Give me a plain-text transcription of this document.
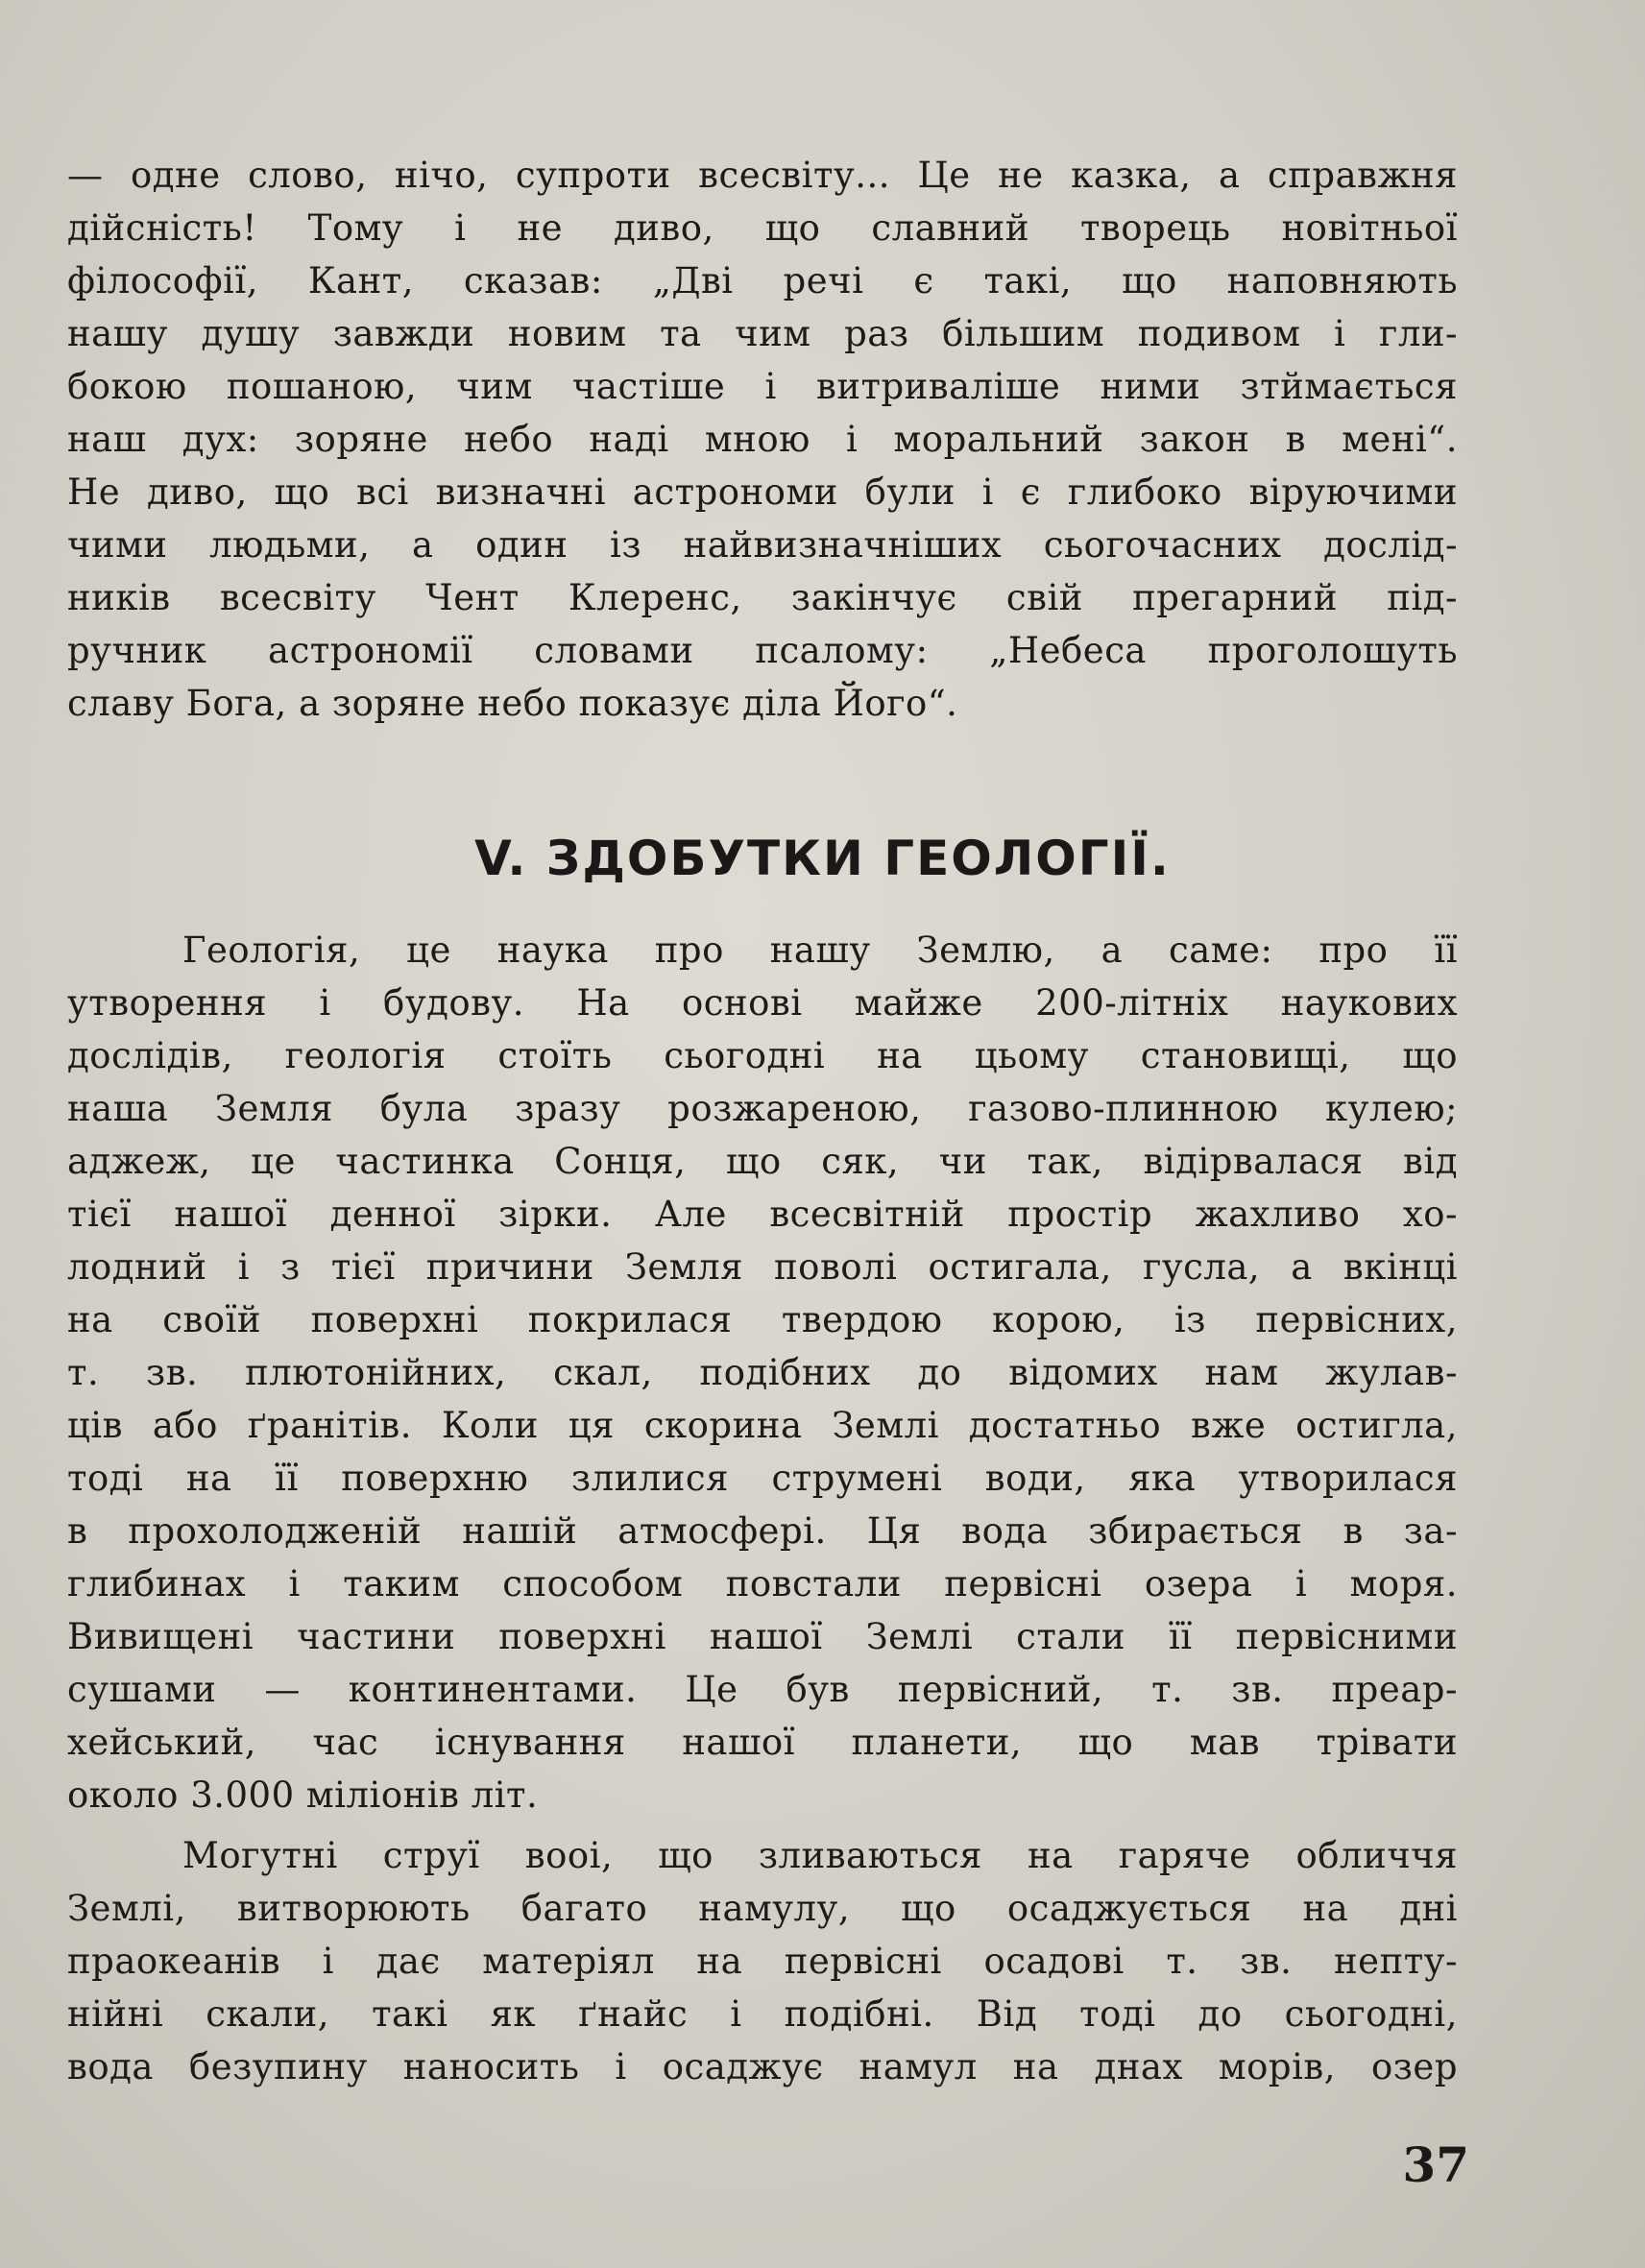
— одне слово, нічо, супроти всесвіту... Це не казка, а справжня
дійсність! Тому і не диво, що славний творець новітньої
філософії, Кант, сказав: „Дві речі є такі, що наповняють
нашу душу завжди новим та чим раз більшим подивом і гли-
бокою пошаною, чим частіше і витриваліше ними зтймається
наш дух: зоряне небо наді мною і моральний закон в мені“.
Не диво, що всі визначні астрономи були і є глибоко віруючими
чими людьми, а один із найвизначніших сьогочасних дослід-
ників всесвіту Чент Клеренс, закінчує свій прегарний під-
ручник астрономії словами псалому: „Небеса проголошуть
славу Бога, а зоряне небо показує діла Його“.
V. ЗДОБУТКИ ГЕОЛОГІЇ.
Геологія, це наука про нашу Землю, а саме: про її
утворення і будову. На основі майже 200-літніх наукових
дослідів, геологія стоїть сьогодні на цьому становищі, що
наша Земля була зразу розжареною, газово-плинною кулею;
аджеж, це частинка Сонця, що сяк, чи так, відірвалася від
тієї нашої денної зірки. Але всесвітній простір жахливо хо-
лодний і з тієї причини Земля поволі остигала, гусла, а вкінці
на своїй поверхні покрилася твердою корою, із первісних,
т. зв. плютонійних, скал, подібних до відомих нам жулав-
ців або ґранітів. Коли ця скорина Землі достатньо вже остигла,
тоді на її поверхню злилися струмені води, яка утворилася
в прохолодженій нашій атмосфері. Ця вода збирається в за-
глибинах і таким способом повстали первісні озера і моря.
Вивищені частини поверхні нашої Землі стали її первісними
сушами — континентами. Це був первісний, т. зв. преар-
хейський, час існування нашої планети, що мав трівати
около 3.000 міліонів літ.
Могутні струї вооі, що зливаються на гаряче обличчя
Землі, витворюють багато намулу, що осаджується на дні
праокеанів і дає матеріял на первісні осадові т. зв. непту-
нійні скали, такі як ґнайс і подібні. Від тоді до сьогодні,
вода безупину наносить і осаджує намул на днах морів, озер
37
